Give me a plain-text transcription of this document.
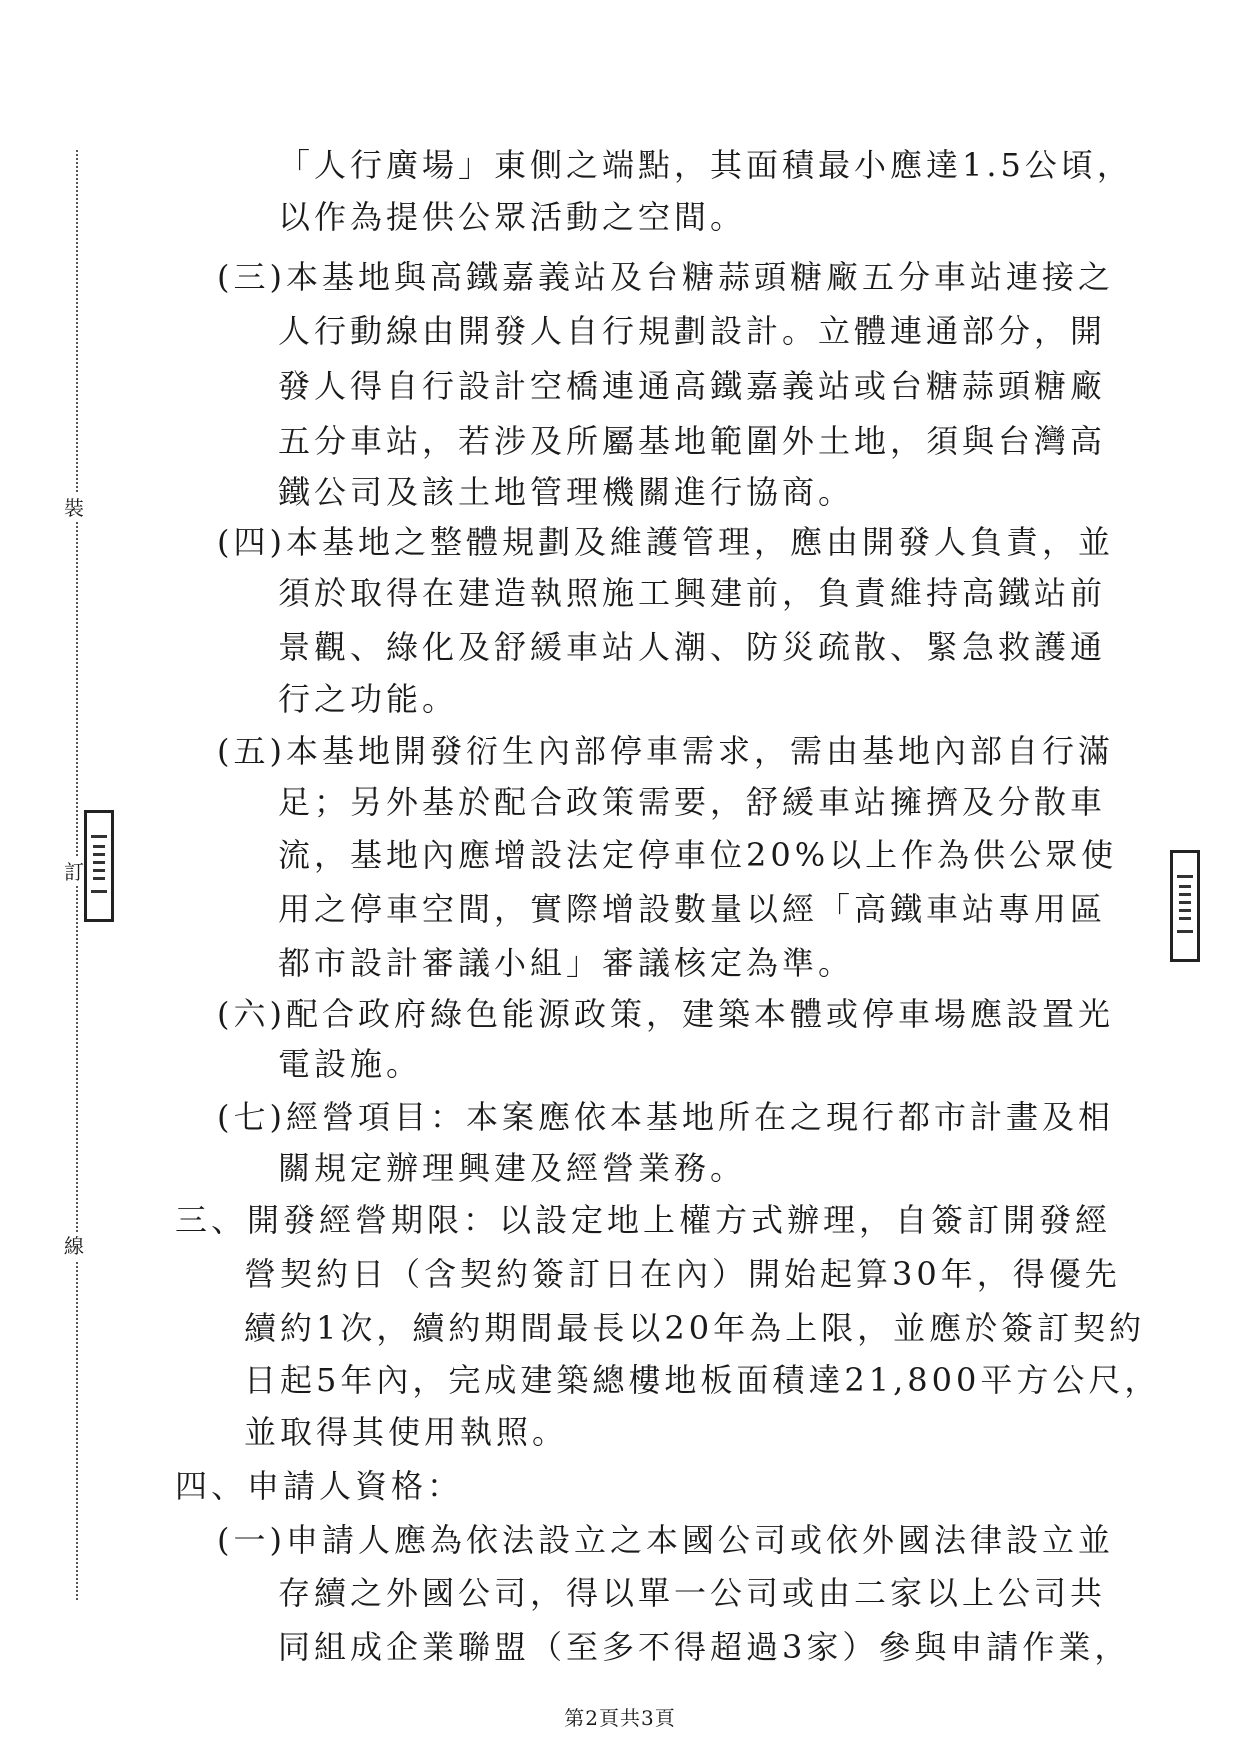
裝
訂
線
「人行廣場」東側之端點，其面積最小應達1.5公頃，
以作為提供公眾活動之空間。
(三)本基地與高鐵嘉義站及台糖蒜頭糖廠五分車站連接之
人行動線由開發人自行規劃設計。立體連通部分，開
發人得自行設計空橋連通高鐵嘉義站或台糖蒜頭糖廠
五分車站，若涉及所屬基地範圍外土地，須與台灣高
鐵公司及該土地管理機關進行協商。
(四)本基地之整體規劃及維護管理，應由開發人負責，並
須於取得在建造執照施工興建前，負責維持高鐵站前
景觀、綠化及舒緩車站人潮、防災疏散、緊急救護通
行之功能。
(五)本基地開發衍生內部停車需求，需由基地內部自行滿
足；另外基於配合政策需要，舒緩車站擁擠及分散車
流，基地內應增設法定停車位20%以上作為供公眾使
用之停車空間，實際增設數量以經「高鐵車站專用區
都市設計審議小組」審議核定為準。
(六)配合政府綠色能源政策，建築本體或停車場應設置光
電設施。
(七)經營項目：本案應依本基地所在之現行都市計畫及相
關規定辦理興建及經營業務。
三、開發經營期限：以設定地上權方式辦理，自簽訂開發經
營契約日（含契約簽訂日在內）開始起算30年，得優先
續約1次，續約期間最長以20年為上限，並應於簽訂契約
日起5年內，完成建築總樓地板面積達21,800平方公尺，
並取得其使用執照。
四、申請人資格：
(一)申請人應為依法設立之本國公司或依外國法律設立並
存續之外國公司，得以單一公司或由二家以上公司共
同組成企業聯盟（至多不得超過3家）參與申請作業，
第2頁共3頁
